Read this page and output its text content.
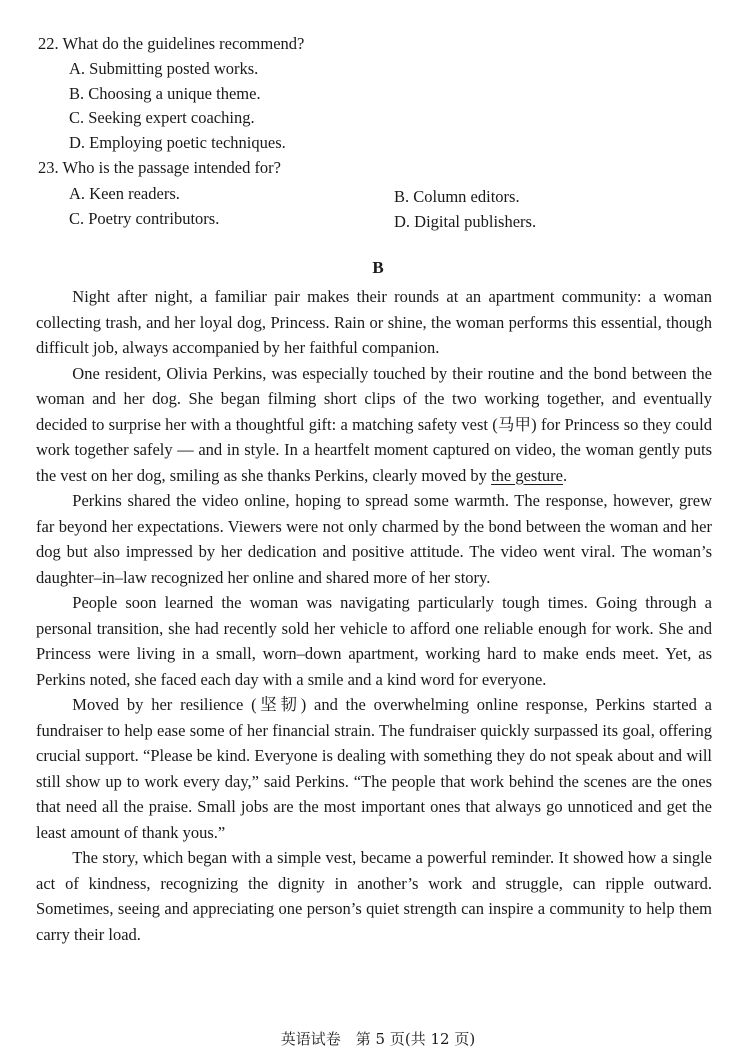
22. What do the guidelines recommend?
A. Submitting posted works.
B. Choosing a unique theme.
C. Seeking expert coaching.
D. Employing poetic techniques.
23. Who is the passage intended for?
A. Keen readers.	B. Column editors.
C. Poetry contributors.	D. Digital publishers.
B

Night after night, a familiar pair makes their rounds at an apartment community: a woman collecting trash, and her loyal dog, Princess. Rain or shine, the woman performs this essential, though difficult job, always accompanied by her faithful companion.

One resident, Olivia Perkins, was especially touched by their routine and the bond between the woman and her dog. She began filming short clips of the two working together, and eventually decided to surprise her with a thoughtful gift: a matching safety vest (马甲) for Princess so they could work together safely — and in style. In a heartfelt moment captured on video, the woman gently puts the vest on her dog, smiling as she thanks Perkins, clearly moved by the gesture.

Perkins shared the video online, hoping to spread some warmth. The response, however, grew far beyond her expectations. Viewers were not only charmed by the bond between the woman and her dog but also impressed by her dedication and positive attitude. The video went viral. The woman’s daughter–in–law recognized her online and shared more of her story.

People soon learned the woman was navigating particularly tough times. Going through a personal transition, she had recently sold her vehicle to afford one reliable enough for work. She and Princess were living in a small, worn–down apartment, working hard to make ends meet. Yet, as Perkins noted, she faced each day with a smile and a kind word for everyone.

Moved by her resilience (坚韧) and the overwhelming online response, Perkins started a fundraiser to help ease some of her financial strain. The fundraiser quickly surpassed its goal, offering crucial support. “Please be kind. Everyone is dealing with something they do not speak about and will still show up to work every day,” said Perkins. “The people that work behind the scenes are the ones that need all the praise. Small jobs are the most important ones that always go unnoticed and get the least amount of thank yous.”

The story, which began with a simple vest, became a powerful reminder. It showed how a single act of kindness, recognizing the dignity in another’s work and struggle, can ripple outward. Sometimes, seeing and appreciating one person’s quiet strength can inspire a community to help them carry their load.

英语试卷　第 5 页(共 12 页)
